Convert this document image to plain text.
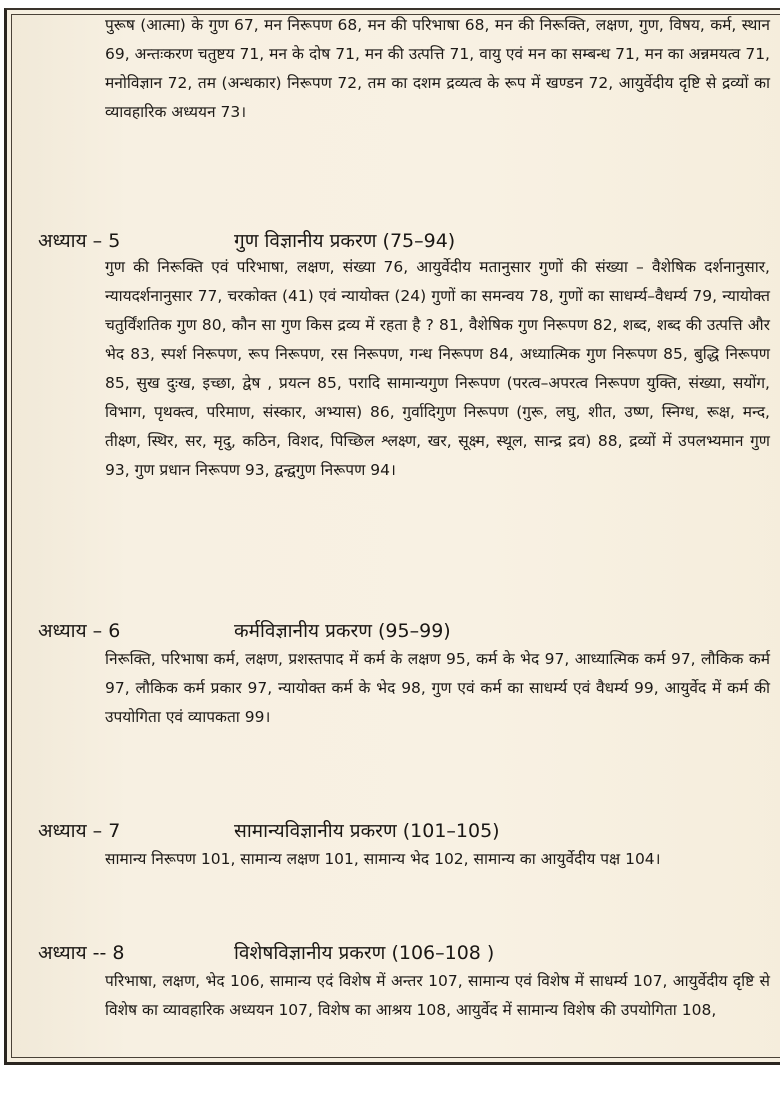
पुरूष (आत्मा) के गुण 67, मन निरूपण 68, मन की परिभाषा 68, मन की निरूक्ति, लक्षण, गुण, विषय, कर्म, स्थान 69, अन्तःकरण चतुष्टय 71, मन के दोष 71, मन की उत्पत्ति 71, वायु एवं मन का सम्बन्ध 71, मन का अन्नमयत्व 71, मनोविज्ञान 72, तम (अन्धकार) निरूपण 72, तम का दशम द्रव्यत्व के रूप में खण्डन 72, आयुर्वेदीय दृष्टि से द्रव्यों का व्यावहारिक अध्ययन 73।

अध्याय – 5	गुण विज्ञानीय प्रकरण (75–94)

गुण की निरूक्ति एवं परिभाषा, लक्षण, संख्या 76, आयुर्वेदीय मतानुसार गुणों की संख्या – वैशेषिक दर्शनानुसार, न्यायदर्शनानुसार 77, चरकोक्त (41) एवं न्यायोक्त (24) गुणों का समन्वय 78, गुणों का साधर्म्य–वैधर्म्य 79, न्यायोक्त चतुर्विंशतिक गुण 80, कौन सा गुण किस द्रव्य में रहता है ? 81, वैशेषिक गुण निरूपण 82, शब्द, शब्द की उत्पत्ति और भेद 83, स्पर्श निरूपण, रूप निरूपण, रस निरूपण, गन्ध निरूपण 84, अध्यात्मिक गुण निरूपण 85, बुद्धि निरूपण 85, सुख दुःख, इच्छा, द्वेष , प्रयत्न 85, परादि सामान्यगुण निरूपण (परत्व–अपरत्व निरूपण युक्ति, संख्या, सयोंग, विभाग, पृथक्त्व, परिमाण, संस्कार, अभ्यास) 86, गुर्वादिगुण निरूपण (गुरू, लघु, शीत, उष्ण, स्निग्ध, रूक्ष, मन्द, तीक्ष्ण, स्थिर, सर, मृदु, कठिन, विशद, पिच्छिल श्लक्ष्ण, खर, सूक्ष्म, स्थूल, सान्द्र द्रव) 88, द्रव्यों में उपलभ्यमान गुण 93, गुण प्रधान निरूपण 93, द्वन्द्वगुण निरूपण 94।

अध्याय – 6	कर्मविज्ञानीय प्रकरण (95–99)

निरूक्ति, परिभाषा कर्म, लक्षण, प्रशस्तपाद में कर्म के लक्षण 95, कर्म के भेद 97, आध्यात्मिक कर्म 97, लौकिक कर्म 97, लौकिक कर्म प्रकार 97, न्यायोक्त कर्म के भेद 98, गुण एवं कर्म का साधर्म्य एवं वैधर्म्य 99, आयुर्वेद में कर्म की उपयोगिता एवं व्यापकता 99।

अध्याय – 7	सामान्यविज्ञानीय प्रकरण (101–105)

सामान्य निरूपण 101, सामान्य लक्षण 101, सामान्य भेद 102, सामान्य का आयुर्वेदीय पक्ष 104।

अध्याय -- 8	विशेषविज्ञानीय प्रकरण (106–108 )

परिभाषा, लक्षण, भेद 106, सामान्य एदं विशेष में अन्तर 107, सामान्य एवं विशेष में साधर्म्य 107, आयुर्वेदीय दृष्टि से विशेष का व्यावहारिक अध्ययन 107, विशेष का आश्रय 108, आयुर्वेद में सामान्य विशेष की उपयोगिता 108,
